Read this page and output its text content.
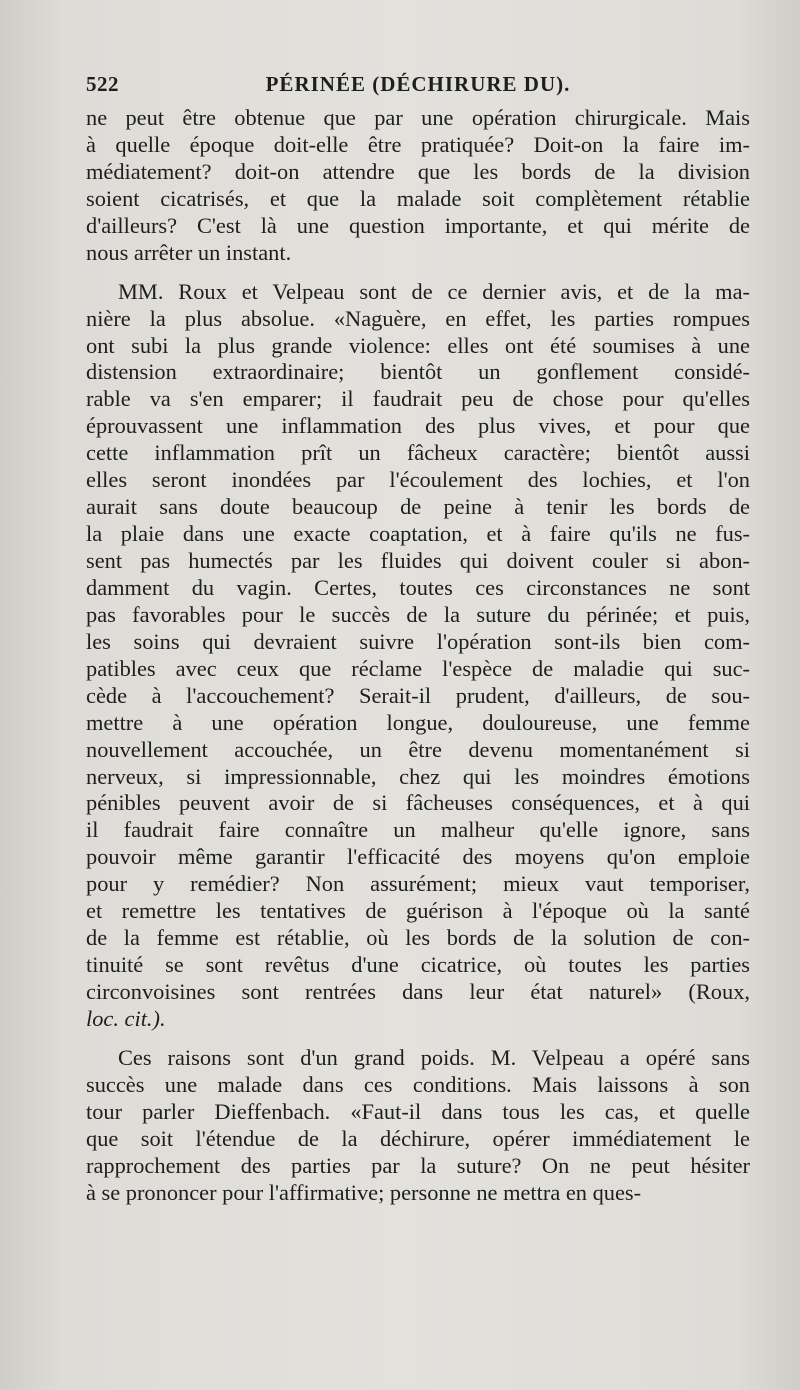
522	PÉRINÉE (DÉCHIRURE DU).
ne peut être obtenue que par une opération chirurgicale. Mais
à quelle époque doit-elle être pratiquée? Doit-on la faire im-
médiatement? doit-on attendre que les bords de la division
soient cicatrisés, et que la malade soit complètement rétablie
d'ailleurs? C'est là une question importante, et qui mérite de
nous arrêter un instant.
MM. Roux et Velpeau sont de ce dernier avis, et de la ma-
nière la plus absolue. «Naguère, en effet, les parties rompues
ont subi la plus grande violence: elles ont été soumises à une
distension extraordinaire; bientôt un gonflement considé-
rable va s'en emparer; il faudrait peu de chose pour qu'elles
éprouvassent une inflammation des plus vives, et pour que
cette inflammation prît un fâcheux caractère; bientôt aussi
elles seront inondées par l'écoulement des lochies, et l'on
aurait sans doute beaucoup de peine à tenir les bords de
la plaie dans une exacte coaptation, et à faire qu'ils ne fus-
sent pas humectés par les fluides qui doivent couler si abon-
damment du vagin. Certes, toutes ces circonstances ne sont
pas favorables pour le succès de la suture du périnée; et puis,
les soins qui devraient suivre l'opération sont-ils bien com-
patibles avec ceux que réclame l'espèce de maladie qui suc-
cède à l'accouchement? Serait-il prudent, d'ailleurs, de sou-
mettre à une opération longue, douloureuse, une femme
nouvellement accouchée, un être devenu momentanément si
nerveux, si impressionnable, chez qui les moindres émotions
pénibles peuvent avoir de si fâcheuses conséquences, et à qui
il faudrait faire connaître un malheur qu'elle ignore, sans
pouvoir même garantir l'efficacité des moyens qu'on emploie
pour y remédier? Non assurément; mieux vaut temporiser,
et remettre les tentatives de guérison à l'époque où la santé
de la femme est rétablie, où les bords de la solution de con-
tinuité se sont revêtus d'une cicatrice, où toutes les parties
circonvoisines sont rentrées dans leur état naturel» (Roux,
loc. cit.).
Ces raisons sont d'un grand poids. M. Velpeau a opéré sans
succès une malade dans ces conditions. Mais laissons à son
tour parler Dieffenbach. «Faut-il dans tous les cas, et quelle
que soit l'étendue de la déchirure, opérer immédiatement le
rapprochement des parties par la suture? On ne peut hésiter
à se prononcer pour l'affirmative; personne ne mettra en ques-
